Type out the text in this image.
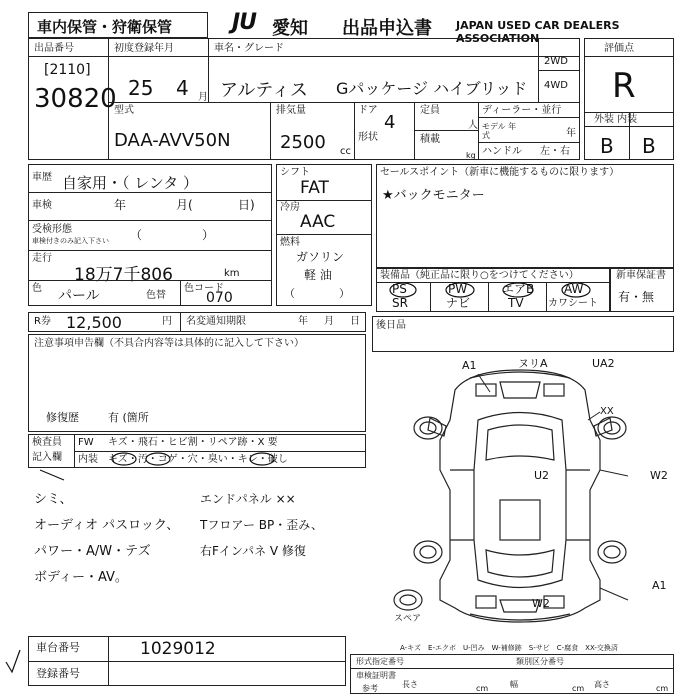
車内保管・狩衛保管	JU 愛知 出品申込書 JAPAN USED CAR DEALERS ASSOCIATION
出品番号
[2110]
30820
初度登録年月
25 4 月
車名・グレード
アルティス Gパッケージ ハイブリッド
2WD
4WD
型式
DAA-AVV50N
排気量
2500 cc
ドア
4
形状
定員
人
積載
kg
ディーラー・並行
モデル 年式	年
ハンドル 左・右
評価点
R
外装 内装
B B
車歴 自家用・（ レンタ ）
車検	年	月(	日)
受検形態
車検付きのみ記入下さい （　　　　　）
走行
18万7千806	km
色 パール	色替
色コード
070
シフト
FAT
冷房
AAC
燃料
ガソリン
軽 油
（　　　　）
セールスポイント（新車に機能するものに限ります）
★バックモニター
装備品（純正品に限り○をつけてください）
PS	PW	エアB AW
SR	ナビ	TV カワシート
新車保証書
有・無
R券 12,500	円 名変通知期限	年 月 日 後日品
注意事項申告欄（不具合内容等は具体的に記入して下さい）
修復歴	有 (箇所
検査員
記入欄
FW キズ・飛石・ヒビ割・リペア跡・X 要
内装 キズ・汚・コゲ・穴・臭い・キレ・破し
シミ、
オーディオ パスロック、
パワー・A/W・テズ
ボディー・AV。
エンドパネル ××
Tフロアー BP・歪み、
右Fインパネ V 修復
A1	ヌリA	UA2
XX
U2	W2
A1
W2
スペア
A-キズ　E-エクボ　U-凹み　W-補修跡　S-サビ　C-腐食　XX-交換済
車台番号	1029012
登録番号
形式指定番号	類別区分番号
車検証明書
長さ	幅	高さ
参考	cm	cm	cm
